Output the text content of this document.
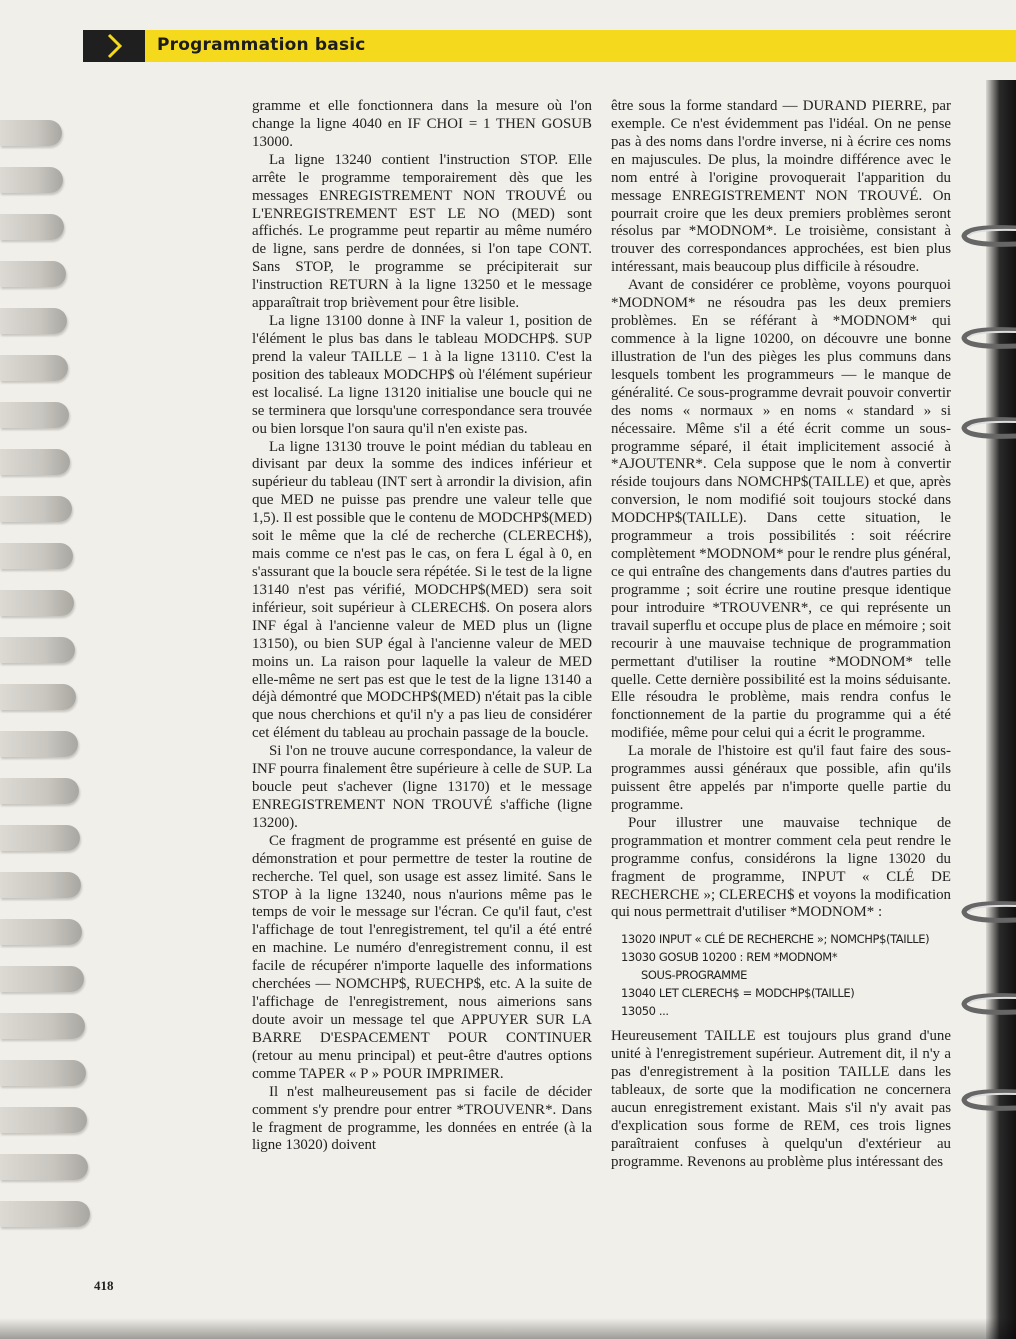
Programmation basic

gramme et elle fonctionnera dans la mesure où l'on change la ligne 4040 en IF CHOI = 1 THEN GOSUB 13000.

La ligne 13240 contient l'instruction STOP. Elle arrête le programme temporairement dès que les messages ENREGISTREMENT NON TROUVÉ ou L'ENREGISTREMENT EST LE NO (MED) sont affichés. Le programme peut repartir au même numéro de ligne, sans perdre de données, si l'on tape CONT. Sans STOP, le programme se précipiterait sur l'instruction RETURN à la ligne 13250 et le message apparaîtrait trop brièvement pour être lisible.

La ligne 13100 donne à INF la valeur 1, position de l'élément le plus bas dans le tableau MODCHP$. SUP prend la valeur TAILLE – 1 à la ligne 13110. C'est la position des tableaux MODCHP$ où l'élément supérieur est localisé. La ligne 13120 initialise une boucle qui ne se terminera que lorsqu'une correspondance sera trouvée ou bien lorsque l'on saura qu'il n'en existe pas.

La ligne 13130 trouve le point médian du tableau en divisant par deux la somme des indices inférieur et supérieur du tableau (INT sert à arrondir la division, afin que MED ne puisse pas prendre une valeur telle que 1,5). Il est possible que le contenu de MODCHP$(MED) soit le même que la clé de recherche (CLERECH$), mais comme ce n'est pas le cas, on fera L égal à 0, en s'assurant que la boucle sera répétée. Si le test de la ligne 13140 n'est pas vérifié, MODCHP$(MED) sera soit inférieur, soit supérieur à CLERECH$. On posera alors INF égal à l'ancienne valeur de MED plus un (ligne 13150), ou bien SUP égal à l'ancienne valeur de MED moins un. La raison pour laquelle la valeur de MED elle-même ne sert pas est que le test de la ligne 13140 a déjà démontré que MODCHP$(MED) n'était pas la cible que nous cherchions et qu'il n'y a pas lieu de considérer cet élément du tableau au prochain passage de la boucle.

Si l'on ne trouve aucune correspondance, la valeur de INF pourra finalement être supérieure à celle de SUP. La boucle peut s'achever (ligne 13170) et le message ENREGISTREMENT NON TROUVÉ s'affiche (ligne 13200).

Ce fragment de programme est présenté en guise de démonstration et pour permettre de tester la routine de recherche. Tel quel, son usage est assez limité. Sans le STOP à la ligne 13240, nous n'aurions même pas le temps de voir le message sur l'écran. Ce qu'il faut, c'est l'affichage de tout l'enregistrement, tel qu'il a été entré en machine. Le numéro d'enregistrement connu, il est facile de récupérer n'importe laquelle des informations cherchées — NOMCHP$, RUECHP$, etc. A la suite de l'affichage de l'enregistrement, nous aimerions sans doute avoir un message tel que APPUYER SUR LA BARRE D'ESPACEMENT POUR CONTINUER (retour au menu principal) et peut-être d'autres options comme TAPER « P » POUR IMPRIMER.

Il n'est malheureusement pas si facile de décider comment s'y prendre pour entrer *TROUVENR*. Dans le fragment de programme, les données en entrée (à la ligne 13020) doivent

être sous la forme standard — DURAND PIERRE, par exemple. Ce n'est évidemment pas l'idéal. On ne pense pas à des noms dans l'ordre inverse, ni à écrire ces noms en majuscules. De plus, la moindre différence avec le nom entré à l'origine provoquerait l'apparition du message ENREGISTREMENT NON TROUVÉ. On pourrait croire que les deux premiers problèmes seront résolus par *MODNOM*. Le troisième, consistant à trouver des correspondances approchées, est bien plus intéressant, mais beaucoup plus difficile à résoudre.

Avant de considérer ce problème, voyons pourquoi *MODNOM* ne résoudra pas les deux premiers problèmes. En se référant à *MODNOM* qui commence à la ligne 10200, on découvre une bonne illustration de l'un des pièges les plus communs dans lesquels tombent les programmeurs — le manque de généralité. Ce sous-programme devrait pouvoir convertir des noms « normaux » en noms « standard » si nécessaire. Même s'il a été écrit comme un sous-programme séparé, il était implicitement associé à *AJOUTENR*. Cela suppose que le nom à convertir réside toujours dans NOMCHP$(TAILLE) et que, après conversion, le nom modifié soit toujours stocké dans MODCHP$(TAILLE). Dans cette situation, le programmeur a trois possibilités : soit réécrire complètement *MODNOM* pour le rendre plus général, ce qui entraîne des changements dans d'autres parties du programme ; soit écrire une routine presque identique pour introduire *TROUVENR*, ce qui représente un travail superflu et occupe plus de place en mémoire ; soit recourir à une mauvaise technique de programmation permettant d'utiliser la routine *MODNOM* telle quelle. Cette dernière possibilité est la moins séduisante. Elle résoudra le problème, mais rendra confus le fonctionnement de la partie du programme qui a été modifiée, même pour celui qui a écrit le programme.

La morale de l'histoire est qu'il faut faire des sous-programmes aussi généraux que possible, afin qu'ils puissent être appelés par n'importe quelle partie du programme.

Pour illustrer une mauvaise technique de programmation et montrer comment cela peut rendre le programme confus, considérons la ligne 13020 du fragment de programme, INPUT « CLÉ DE RECHERCHE »; CLERECH$ et voyons la modification qui nous permettrait d'utiliser *MODNOM* :

13020 INPUT « CLÉ DE RECHERCHE »; NOMCHP$(TAILLE)
13030 GOSUB 10200 : REM *MODNOM*
SOUS-PROGRAMME
13040 LET CLERECH$ = MODCHP$(TAILLE)
13050 ...

Heureusement TAILLE est toujours plus grand d'une unité à l'enregistrement supérieur. Autrement dit, il n'y a pas d'enregistrement à la position TAILLE dans les tableaux, de sorte que la modification ne concernera aucun enregistrement existant. Mais s'il n'y avait pas d'explication sous forme de REM, ces trois lignes paraîtraient confuses à quelqu'un d'extérieur au programme. Revenons au problème plus intéressant des

418
